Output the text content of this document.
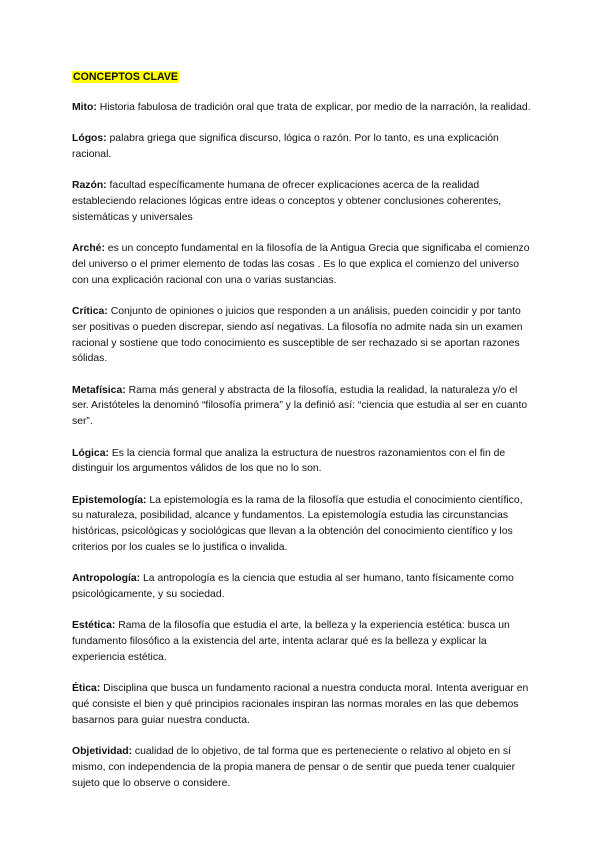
CONCEPTOS CLAVE

Mito: Historia fabulosa de tradición oral que trata de explicar, por medio de la narración, la realidad.

Lógos: palabra griega que significa discurso, lógica o razón. Por lo tanto, es una explicación racional.

Razón: facultad específicamente humana de ofrecer explicaciones acerca de la realidad estableciendo relaciones lógicas entre ideas o conceptos y obtener conclusiones coherentes, sistemáticas y universales

Arché: es un concepto fundamental en la filosofía de la Antigua Grecia que significaba el comienzo del universo o el primer elemento de todas las cosas . Es lo que explica el comienzo del universo con una explicación racional con una o varias sustancias.

Crítica: Conjunto de opiniones o juicios que responden a un análisis, pueden coincidir y por tanto ser positivas o pueden discrepar, siendo así negativas. La filosofía no admite nada sin un examen racional y sostiene que todo conocimiento es susceptible de ser rechazado si se aportan razones sólidas.

Metafísica: Rama más general y abstracta de la filosofía, estudia la realidad, la naturaleza y/o el ser. Aristóteles la denominó “filosofía primera” y la definió así: “ciencia que estudia al ser en cuanto ser”.

Lógica: Es la ciencia formal que analiza la estructura de nuestros razonamientos con el fin de distinguir los argumentos válidos de los que no lo son.

Epistemología: La epistemología es la rama de la filosofía que estudia el conocimiento científico, su naturaleza, posibilidad, alcance y fundamentos. La epistemología estudia las circunstancias históricas, psicológicas y sociológicas que llevan a la obtención del conocimiento científico y los criterios por los cuales se lo justifica o invalida.

Antropología: La antropología es la ciencia que estudia al ser humano, tanto físicamente como psicológicamente, y su sociedad.

Estética: Rama de la filosofía que estudia el arte, la belleza y la experiencia estética: busca un fundamento filosófico a la existencia del arte, intenta aclarar qué es la belleza y explicar la experiencia estética.

Ética: Disciplina que busca un fundamento racional a nuestra conducta moral. Intenta averiguar en qué consiste el bien y qué principios racionales inspiran las normas morales en las que debemos basarnos para guiar nuestra conducta.

Objetividad: cualidad de lo objetivo, de tal forma que es perteneciente o relativo al objeto en sí mismo, con independencia de la propia manera de pensar o de sentir que pueda tener cualquier sujeto que lo observe o considere.
